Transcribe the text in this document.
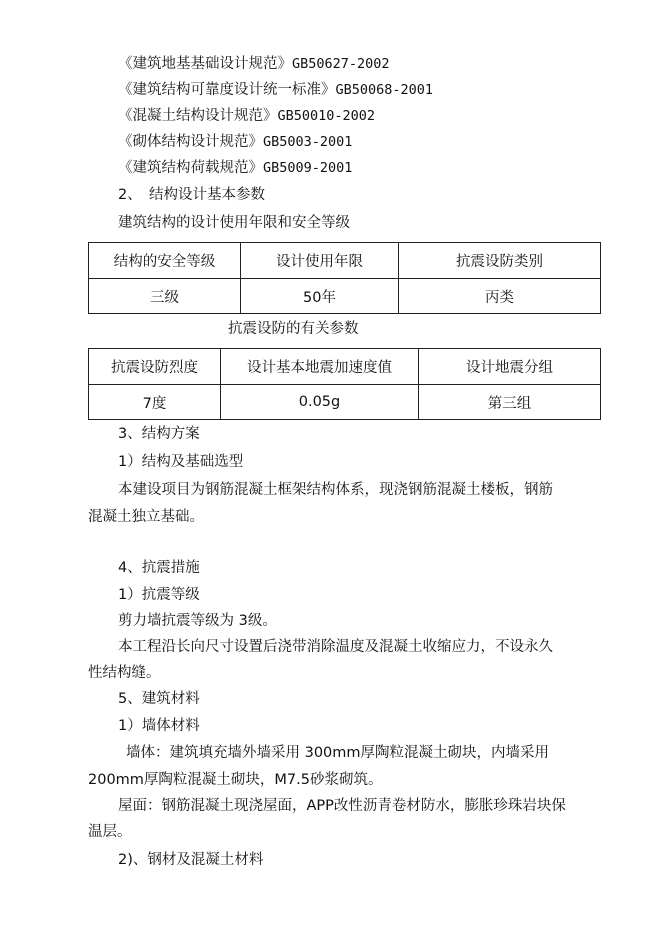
《建筑地基基础设计规范》GB50627-2002
《建筑结构可靠度设计统一标准》GB50068-2001
《混凝土结构设计规范》GB50010-2002
《砌体结构设计规范》GB5003-2001
《建筑结构荷载规范》GB5009-2001
2、　结构设计基本参数
建筑结构的设计使用年限和安全等级
结构的安全等级	设计使用年限	抗震设防类别
三级	50年	丙类
抗震设防的有关参数
抗震设防烈度	设计基本地震加速度值	设计地震分组
7度	0.05g	第三组
3、结构方案
1）结构及基础选型
本建设项目为钢筋混凝土框架结构体系，现浇钢筋混凝土楼板，钢筋
混凝土独立基础。
4、抗震措施
1）抗震等级
剪力墙抗震等级为 3级。
本工程沿长向尺寸设置后浇带消除温度及混凝土收缩应力，不设永久
性结构缝。
5、建筑材料
1）墙体材料
墙体：建筑填充墙外墙采用 300mm厚陶粒混凝土砌块，内墙采用
200mm厚陶粒混凝土砌块，M7.5砂浆砌筑。
屋面：钢筋混凝土现浇屋面，APP改性沥青卷材防水，膨胀珍珠岩块保
温层。
2)、钢材及混凝土材料
